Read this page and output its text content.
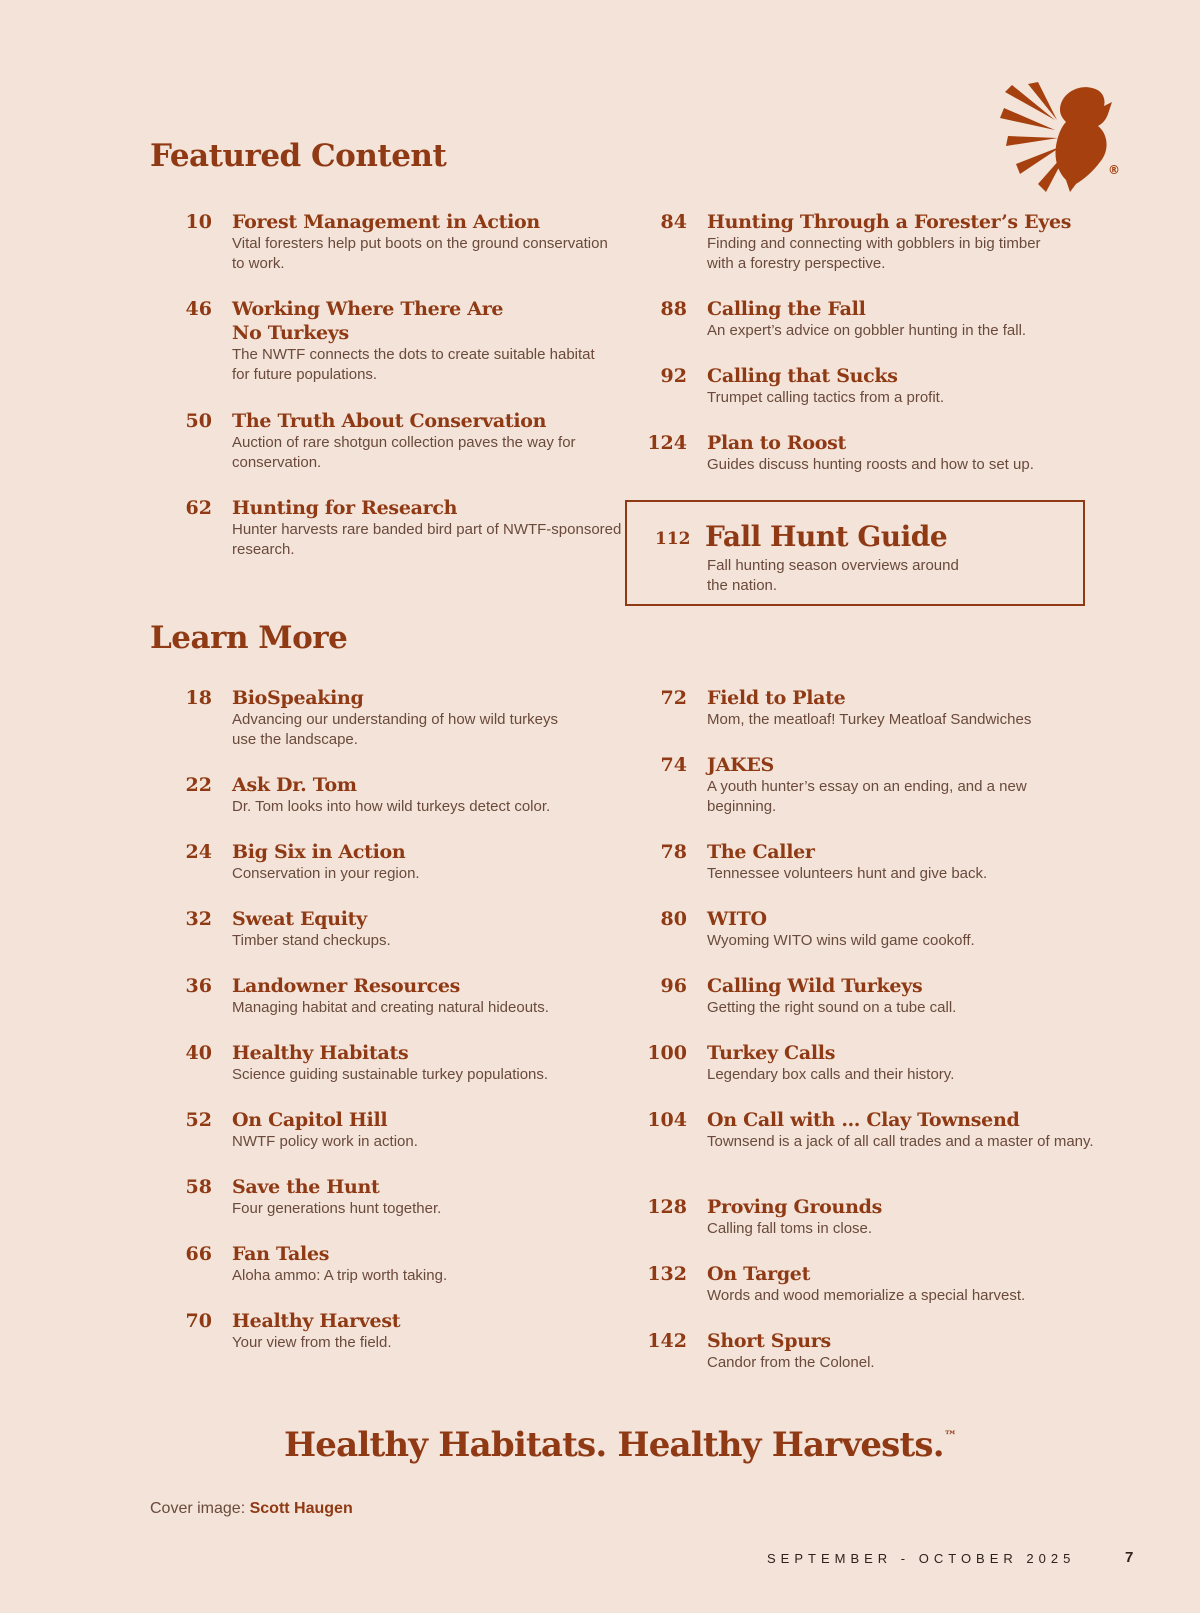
®
Featured Content
10 Forest Management in Action
Vital foresters help put boots on the ground conservation to work.
46 Working Where There Are No Turkeys
The NWTF connects the dots to create suitable habitat for future populations.
50 The Truth About Conservation
Auction of rare shotgun collection paves the way for conservation.
62 Hunting for Research
Hunter harvests rare banded bird part of NWTF-sponsored research.
84 Hunting Through a Forester’s Eyes
Finding and connecting with gobblers in big timber with a forestry perspective.
88 Calling the Fall
An expert’s advice on gobbler hunting in the fall.
92 Calling that Sucks
Trumpet calling tactics from a profit.
124 Plan to Roost
Guides discuss hunting roosts and how to set up.
112 Fall Hunt Guide
Fall hunting season overviews around the nation.
Learn More
18 BioSpeaking
Advancing our understanding of how wild turkeys use the landscape.
22 Ask Dr. Tom
Dr. Tom looks into how wild turkeys detect color.
24 Big Six in Action
Conservation in your region.
32 Sweat Equity
Timber stand checkups.
36 Landowner Resources
Managing habitat and creating natural hideouts.
40 Healthy Habitats
Science guiding sustainable turkey populations.
52 On Capitol Hill
NWTF policy work in action.
58 Save the Hunt
Four generations hunt together.
66 Fan Tales
Aloha ammo: A trip worth taking.
70 Healthy Harvest
Your view from the field.
72 Field to Plate
Mom, the meatloaf! Turkey Meatloaf Sandwiches
74 JAKES
A youth hunter’s essay on an ending, and a new beginning.
78 The Caller
Tennessee volunteers hunt and give back.
80 WITO
Wyoming WITO wins wild game cookoff.
96 Calling Wild Turkeys
Getting the right sound on a tube call.
100 Turkey Calls
Legendary box calls and their history.
104 On Call with … Clay Townsend
Townsend is a jack of all call trades and a master of many.
128 Proving Grounds
Calling fall toms in close.
132 On Target
Words and wood memorialize a special harvest.
142 Short Spurs
Candor from the Colonel.
Healthy Habitats. Healthy Harvests.™
Cover image: Scott Haugen
SEPTEMBER - OCTOBER 2025	7
